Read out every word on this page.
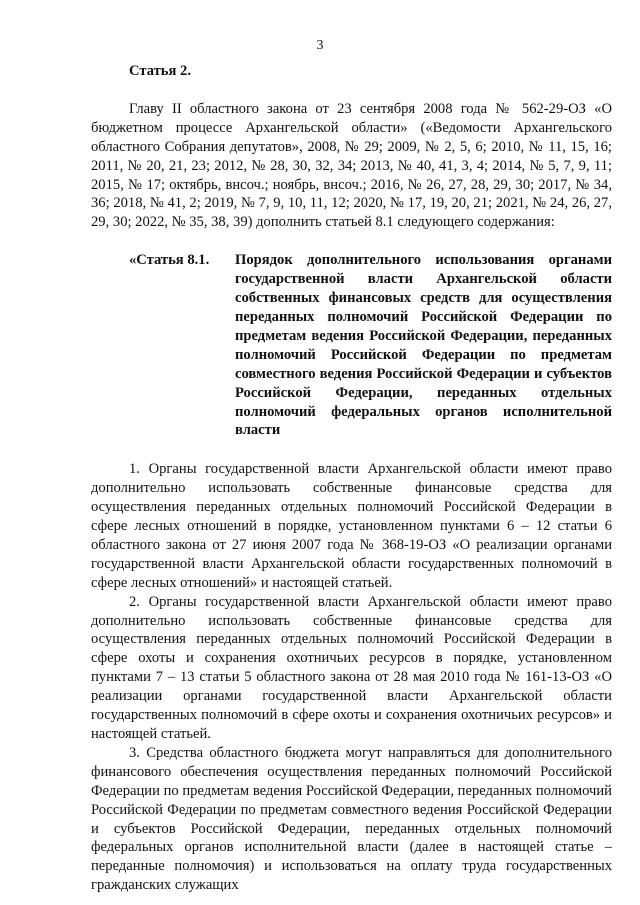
3
Статья 2.

Главу II областного закона от 23 сентября 2008 года № 562-29-ОЗ «О бюджетном процессе Архангельской области» («Ведомости Архангельского областного Собрания депутатов», 2008, № 29; 2009, № 2, 5, 6; 2010, № 11, 15, 16; 2011, № 20, 21, 23; 2012, № 28, 30, 32, 34; 2013, № 40, 41, 3, 4; 2014, № 5, 7, 9, 11; 2015, № 17; октябрь, внсоч.; ноябрь, внсоч.; 2016, № 26, 27, 28, 29, 30; 2017, № 34, 36; 2018, № 41, 2; 2019, № 7, 9, 10, 11, 12; 2020, № 17, 19, 20, 21; 2021, № 24, 26, 27, 29, 30; 2022, № 35, 38, 39) дополнить статьей 8.1 следующего содержания:

«Статья 8.1.	Порядок дополнительного использования органами государственной власти Архангельской области собственных финансовых средств для осуществления переданных полномочий Российской Федерации по предметам ведения Российской Федерации, переданных полномочий Российской Федерации по предметам совместного ведения Российской Федерации и субъектов Российской Федерации, переданных отдельных полномочий федеральных органов исполнительной власти

1. Органы государственной власти Архангельской области имеют право дополнительно использовать собственные финансовые средства для осуществления переданных отдельных полномочий Российской Федерации в сфере лесных отношений в порядке, установленном пунктами 6 – 12 статьи 6 областного закона от 27 июня 2007 года № 368-19-ОЗ «О реализации органами государственной власти Архангельской области государственных полномочий в сфере лесных отношений» и настоящей статьей.

2. Органы государственной власти Архангельской области имеют право дополнительно использовать собственные финансовые средства для осуществления переданных отдельных полномочий Российской Федерации в сфере охоты и сохранения охотничьих ресурсов в порядке, установленном пунктами 7 – 13 статьи 5 областного закона от 28 мая 2010 года № 161-13-ОЗ «О реализации органами государственной власти Архангельской области государственных полномочий в сфере охоты и сохранения охотничьих ресурсов» и настоящей статьей.

3. Средства областного бюджета могут направляться для дополнительного финансового обеспечения осуществления переданных полномочий Российской Федерации по предметам ведения Российской Федерации, переданных полномочий Российской Федерации по предметам совместного ведения Российской Федерации и субъектов Российской Федерации, переданных отдельных полномочий федеральных органов исполнительной власти (далее в настоящей статье – переданные полномочия) и использоваться на оплату труда государственных гражданских служащих
